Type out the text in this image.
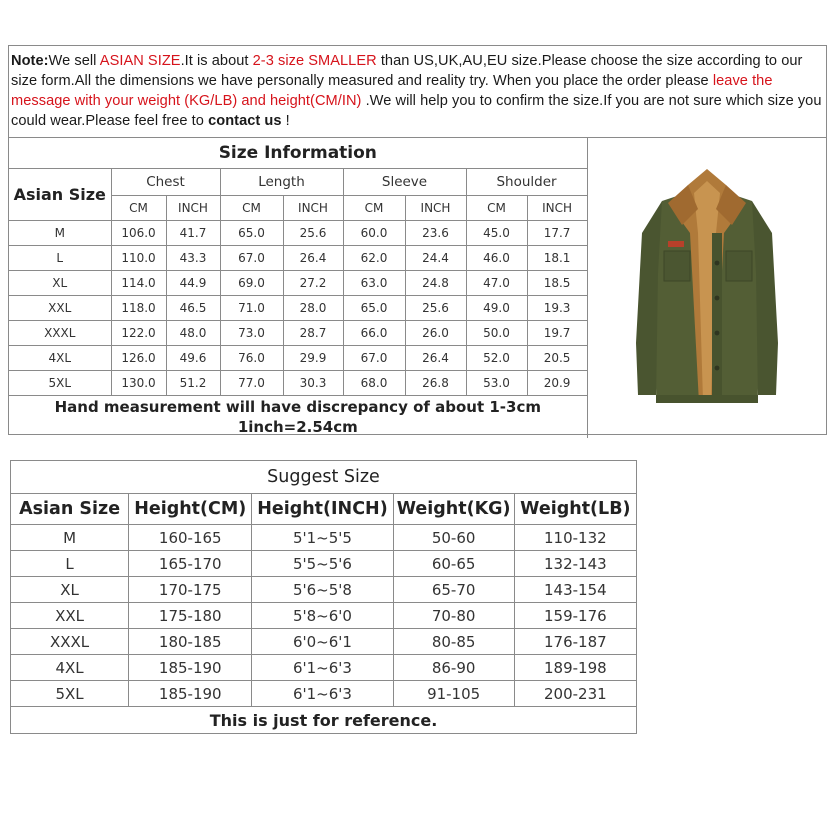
Note:We sell ASIAN SIZE.It is about 2-3 size SMALLER than US,UK,AU,EU size.Please choose the size according to our size form.All the dimensions we have personally measured and reality try. When you place the order please leave the message with your weight (KG/LB) and height(CM/IN) .We will help you to confirm the size.If you are not sure which size you could wear.Please feel free to contact us !
Size Information								
Asian Size	Chest		Length		Sleeve		Shoulder	
	CM	INCH	CM	INCH	CM	INCH	CM	INCH
M	106.0	41.7	65.0	25.6	60.0	23.6	45.0	17.7
L	110.0	43.3	67.0	26.4	62.0	24.4	46.0	18.1
XL	114.0	44.9	69.0	27.2	63.0	24.8	47.0	18.5
XXL	118.0	46.5	71.0	28.0	65.0	25.6	49.0	19.3
XXXL	122.0	48.0	73.0	28.7	66.0	26.0	50.0	19.7
4XL	126.0	49.6	76.0	29.9	67.0	26.4	52.0	20.5
5XL	130.0	51.2	77.0	30.3	68.0	26.8	53.0	20.9

Hand measurement will have discrepancy of about 1-3cm
1inch=2.54cm								
Suggest Size				
Asian Size	Height(CM)	Height(INCH)	Weight(KG)	Weight(LB)
M	160-165	5'1~5'5	50-60	110-132
L	165-170	5'5~5'6	60-65	132-143
XL	170-175	5'6~5'8	65-70	143-154
XXL	175-180	5'8~6'0	70-80	159-176
XXXL	180-185	6'0~6'1	80-85	176-187
4XL	185-190	6'1~6'3	86-90	189-198
5XL	185-190	6'1~6'3	91-105	200-231
This is just for reference.				
